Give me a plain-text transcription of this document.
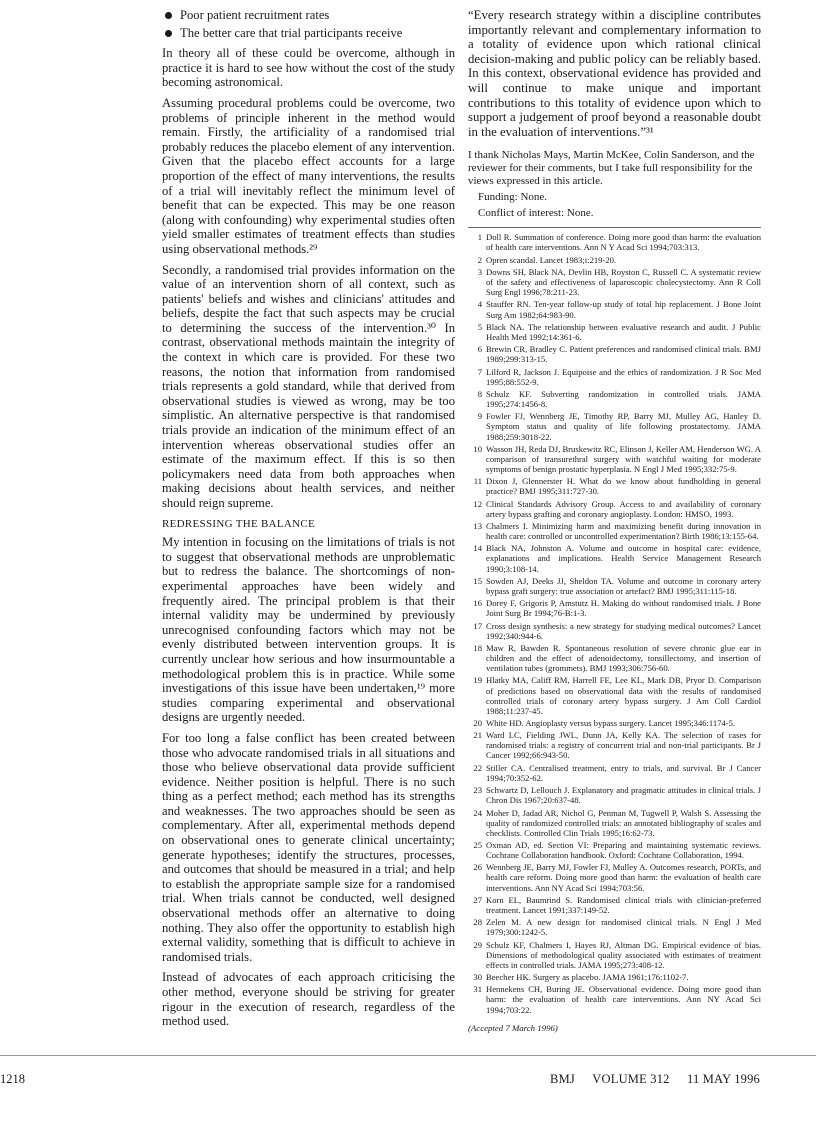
Poor patient recruitment rates
The better care that trial participants receive

In theory all of these could be overcome, although in practice it is hard to see how without the cost of the study becoming astronomical.

Assuming procedural problems could be overcome, two problems of principle inherent in the method would remain. Firstly, the artificiality of a randomised trial probably reduces the placebo element of any intervention. Given that the placebo effect accounts for a large proportion of the effect of many interventions, the results of a trial will inevitably reflect the minimum level of benefit that can be expected. This may be one reason (along with confounding) why experimental studies often yield smaller estimates of treatment effects than studies using observational methods.²⁹

Secondly, a randomised trial provides information on the value of an intervention shorn of all context, such as patients' beliefs and wishes and clinicians' attitudes and beliefs, despite the fact that such aspects may be crucial to determining the success of the intervention.³⁰ In contrast, observational methods maintain the integrity of the context in which care is provided. For these two reasons, the notion that information from randomised trials represents a gold standard, while that derived from observational studies is viewed as wrong, may be too simplistic. An alternative perspective is that randomised trials provide an indication of the minimum effect of an intervention whereas observational studies offer an estimate of the maximum effect. If this is so then policymakers need data from both approaches when making decisions about health services, and neither should reign supreme.

REDRESSING THE BALANCE

My intention in focusing on the limitations of trials is not to suggest that observational methods are unproblematic but to redress the balance. The shortcomings of non-experimental approaches have been widely and frequently aired. The principal problem is that their internal validity may be undermined by previously unrecognised confounding factors which may not be evenly distributed between intervention groups. It is currently unclear how serious and how insurmountable a methodological problem this is in practice. While some investigations of this issue have been undertaken,¹⁹ more studies comparing experimental and observational designs are urgently needed.

For too long a false conflict has been created between those who advocate randomised trials in all situations and those who believe observational data provide sufficient evidence. Neither position is helpful. There is no such thing as a perfect method; each method has its strengths and weaknesses. The two approaches should be seen as complementary. After all, experimental methods depend on observational ones to generate clinical uncertainty; generate hypotheses; identify the structures, processes, and outcomes that should be measured in a trial; and help to establish the appropriate sample size for a randomised trial. When trials cannot be conducted, well designed observational methods offer an alternative to doing nothing. They also offer the opportunity to establish high external validity, something that is difficult to achieve in randomised trials.

Instead of advocates of each approach criticising the other method, everyone should be striving for greater rigour in the execution of research, regardless of the method used.

“Every research strategy within a discipline contributes importantly relevant and complementary information to a totality of evidence upon which rational clinical decision-making and public policy can be reliably based. In this context, observational evidence has provided and will continue to make unique and important contributions to this totality of evidence upon which to support a judgement of proof beyond a reasonable doubt in the evaluation of interventions.”³¹
I thank Nicholas Mays, Martin McKee, Colin Sanderson, and the reviewer for their comments, but I take full responsibility for the views expressed in this article.
Funding: None.
Conflict of interest: None.
1 Doll R. Summation of conference. Doing more good than harm: the evaluation of health care interventions. Ann N Y Acad Sci 1994;703:313.
2 Opren scandal. Lancet 1983;i:219-20.
3 Downs SH, Black NA, Devlin HB, Royston C, Russell C. A systematic review of the safety and effectiveness of laparoscopic cholecystectomy. Ann R Coll Surg Engl 1996;78:211-23.
4 Stauffer RN. Ten-year follow-up study of total hip replacement. J Bone Joint Surg Am 1982;64:983-90.
5 Black NA. The relationship between evaluative research and audit. J Public Health Med 1992;14:361-6.
6 Brewin CR, Bradley C. Patient preferences and randomised clinical trials. BMJ 1989;299:313-15.
7 Lilford R, Jackson J. Equipoise and the ethics of randomization. J R Soc Med 1995;88:552-9.
8 Schulz KF. Subverting randomization in controlled trials. JAMA 1995;274:1456-8.
9 Fowler FJ, Wennberg JE, Timothy RP, Barry MJ, Mulley AG, Hanley D. Symptom status and quality of life following prostatectomy. JAMA 1988;259:3018-22.
10 Wasson JH, Reda DJ, Bruskewitz RC, Elinson J, Keller AM, Henderson WG. A comparison of transurethral surgery with watchful waiting for moderate symptoms of benign prostatic hyperplasia. N Engl J Med 1995;332:75-9.
11 Dixon J, Glennerster H. What do we know about fundholding in general practice? BMJ 1995;311:727-30.
12 Clinical Standards Advisory Group. Access to and availability of coronary artery bypass grafting and coronary angioplasty. London: HMSO, 1993.
13 Chalmers I. Minimizing harm and maximizing benefit during innovation in health care: controlled or uncontrolled experimentation? Birth 1986;13:155-64.
14 Black NA, Johnston A. Volume and outcome in hospital care: evidence, explanations and implications. Health Service Management Research 1990;3:108-14.
15 Sowden AJ, Deeks JJ, Sheldon TA. Volume and outcome in coronary artery bypass graft surgery: true association or artefact? BMJ 1995;311:115-18.
16 Dorey F, Grigoris P, Amstutz H. Making do without randomised trials. J Bone Joint Surg Br 1994;76-B:1-3.
17 Cross design synthesis: a new strategy for studying medical outcomes? Lancet 1992;340:944-6.
18 Maw R, Bawden R. Spontaneous resolution of severe chronic glue ear in children and the effect of adenoidectomy, tonsillectomy, and insertion of ventilation tubes (grommets). BMJ 1993;306:756-60.
19 Hlatky MA, Califf RM, Harrell FE, Lee KL, Mark DB, Pryor D. Comparison of predictions based on observational data with the results of randomised controlled trials of coronary artery bypass surgery. J Am Coll Cardiol 1988;11:237-45.
20 White HD. Angioplasty versus bypass surgery. Lancet 1995;346:1174-5.
21 Ward LC, Fielding JWL, Dunn JA, Kelly KA. The selection of cases for randomised trials: a registry of concurrent trial and non-trial participants. Br J Cancer 1992;66:943-50.
22 Stiller CA. Centralised treatment, entry to trials, and survival. Br J Cancer 1994;70:352-62.
23 Schwartz D, Lellouch J. Explanatory and pragmatic attitudes in clinical trials. J Chron Dis 1967;20:637-48.
24 Moher D, Jadad AR, Nichol G, Penman M, Tugwell P, Walsh S. Assessing the quality of randomized controlled trials: an annotated bibliography of scales and checklists. Controlled Clin Trials 1995;16:62-73.
25 Oxman AD, ed. Section VI: Preparing and maintaining systematic reviews. Cochrane Collaboration handbook. Oxford: Cochrane Collaboration, 1994.
26 Wennberg JE, Barry MJ, Fowler FJ, Mulley A. Outcomes research, PORTs, and health care reform. Doing more good than harm: the evaluation of health care interventions. Ann NY Acad Sci 1994;703:56.
27 Korn EL, Baumrind S. Randomised clinical trials with clinician-preferred treatment. Lancet 1991;337:149-52.
28 Zelen M. A new design for randomised clinical trials. N Engl J Med 1979;300:1242-5.
29 Schulz KF, Chalmers I, Hayes RJ, Altman DG. Empirical evidence of bias. Dimensions of methodological quality associated with estimates of treatment effects in controlled trials. JAMA 1995;273:408-12.
30 Beecher HK. Surgery as placebo. JAMA 1961;176:1102-7.
31 Hennekens CH, Buring JE. Observational evidence. Doing more good than harm: the evaluation of health care interventions. Ann NY Acad Sci 1994;703:22.
(Accepted 7 March 1996)
1218	BMJ VOLUME 312 11 MAY 1996
